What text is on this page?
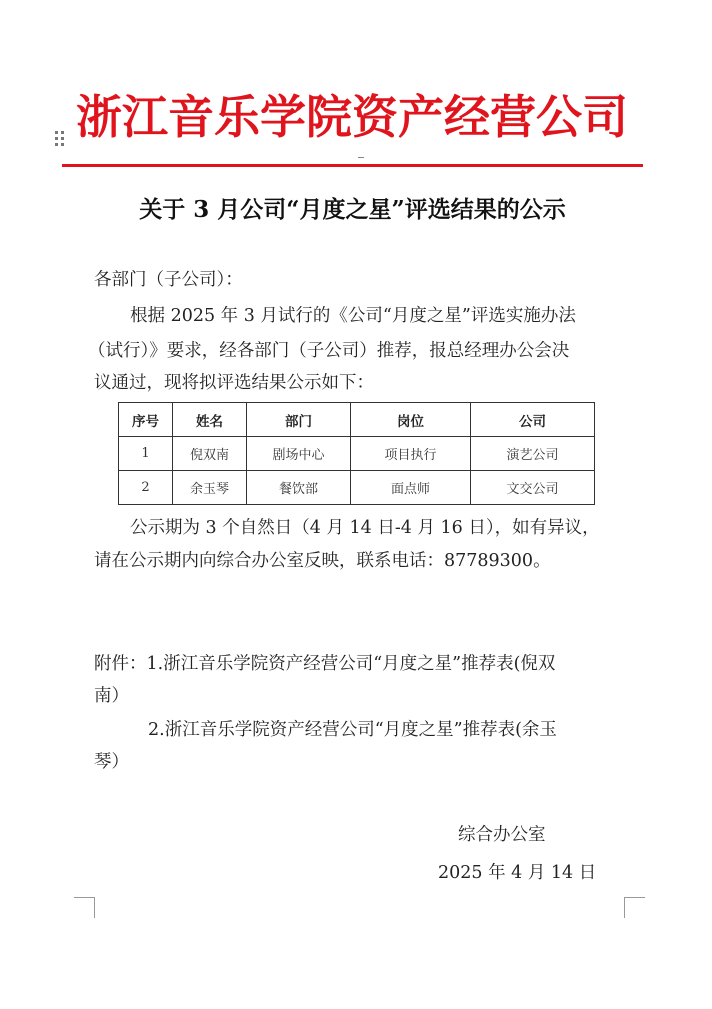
浙江音乐学院资产经营公司
关于 3 月公司“月度之星”评选结果的公示
各部门（子公司）：
根据 2025 年 3 月试行的《公司“月度之星”评选实施办法
（试行）》要求，经各部门（子公司）推荐，报总经理办公会决
议通过，现将拟评选结果公示如下：
公示期为 3 个自然日（4 月 14 日-4 月 16 日），如有异议，
请在公示期内向综合办公室反映，联系电话：87789300。
附件：1.浙江音乐学院资产经营公司“月度之星”推荐表(倪双
南）
2.浙江音乐学院资产经营公司“月度之星”推荐表(余玉
琴）
综合办公室
2025 年 4 月 14 日
序号	姓名	部门	岗位	公司
1	倪双南	剧场中心	项目执行	演艺公司
2	余玉琴	餐饮部	面点师	文交公司
